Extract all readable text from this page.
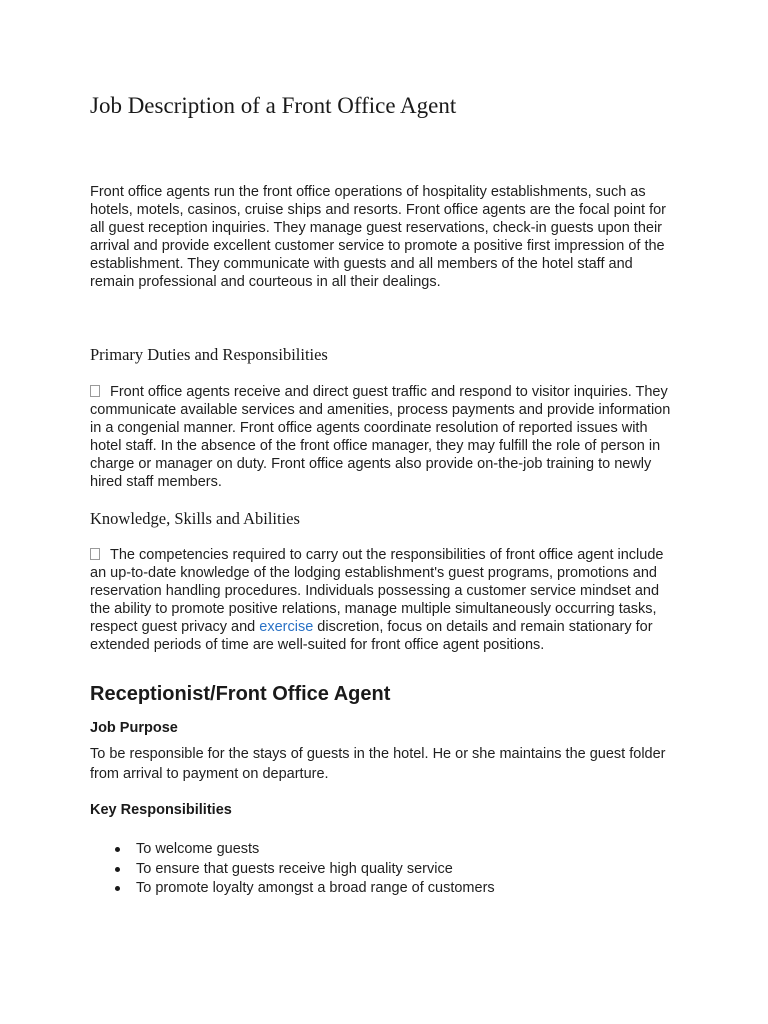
Job Description of a Front Office Agent

Front office agents run the front office operations of hospitality establishments, such as hotels, motels, casinos, cruise ships and resorts. Front office agents are the focal point for all guest reception inquiries. They manage guest reservations, check-in guests upon their arrival and provide excellent customer service to promote a positive first impression of the establishment. They communicate with guests and all members of the hotel staff and remain professional and courteous in all their dealings.

Primary Duties and Responsibilities

Front office agents receive and direct guest traffic and respond to visitor inquiries. They communicate available services and amenities, process payments and provide information in a congenial manner. Front office agents coordinate resolution of reported issues with hotel staff. In the absence of the front office manager, they may fulfill the role of person in charge or manager on duty. Front office agents also provide on-the-job training to newly hired staff members.

Knowledge, Skills and Abilities

The competencies required to carry out the responsibilities of front office agent include an up-to-date knowledge of the lodging establishment's guest programs, promotions and reservation handling procedures. Individuals possessing a customer service mindset and the ability to promote positive relations, manage multiple simultaneously occurring tasks, respect guest privacy and exercise discretion, focus on details and remain stationary for extended periods of time are well-suited for front office agent positions.

Receptionist/Front Office Agent
Job Purpose

To be responsible for the stays of guests in the hotel. He or she maintains the guest folder from arrival to payment on departure.

Key Responsibilities
To welcome guests
To ensure that guests receive high quality service
To promote loyalty amongst a broad range of customers
